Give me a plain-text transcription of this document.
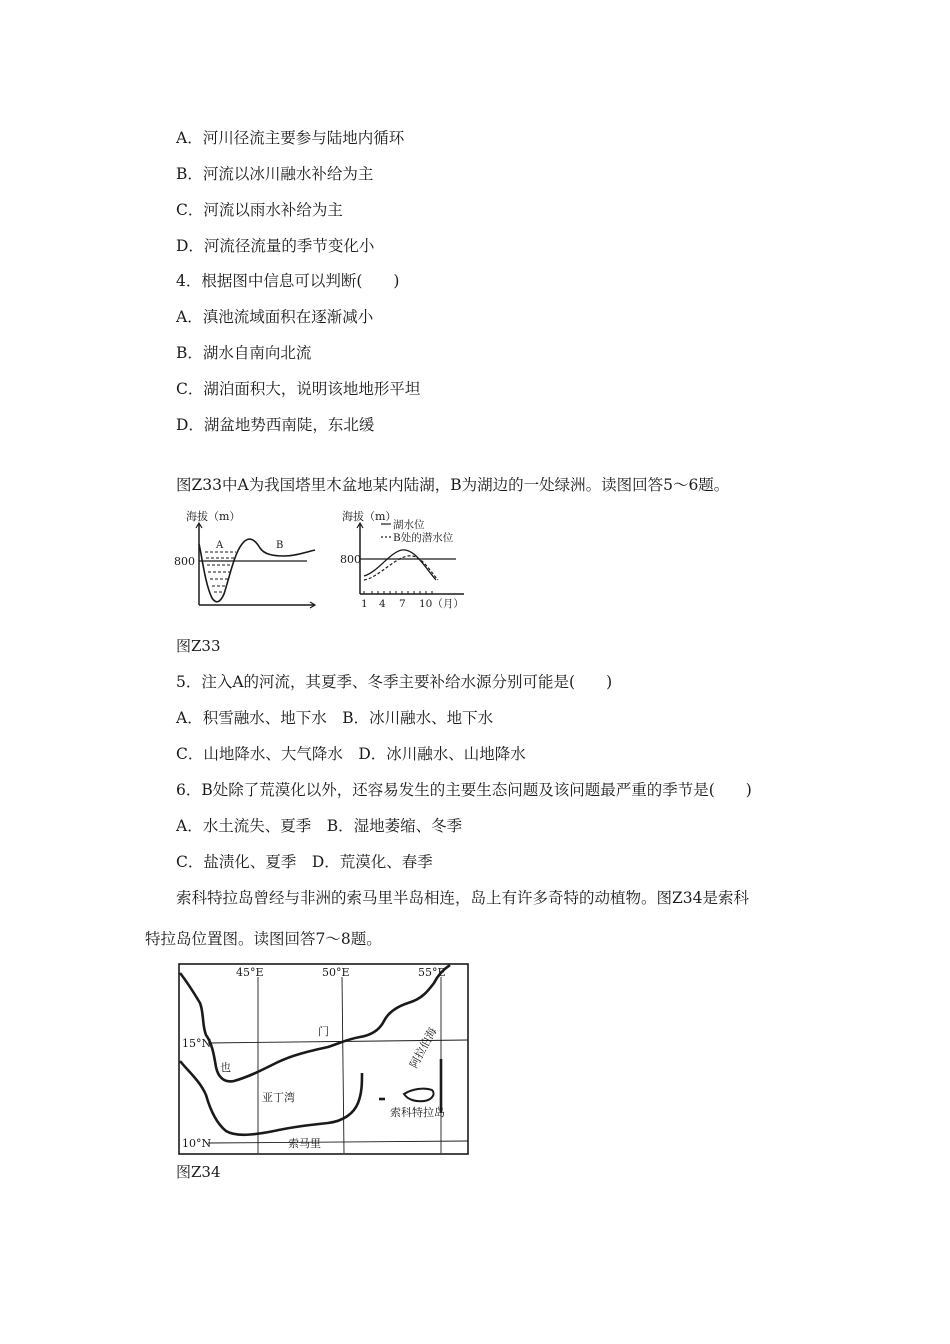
A．河川径流主要参与陆地内循环
B．河流以冰川融水补给为主
C．河流以雨水补给为主
D．河流径流量的季节变化小
4．根据图中信息可以判断(　　)
A．滇池流域面积在逐渐减小
B．湖水自南向北流
C．湖泊面积大，说明该地地形平坦
D．湖盆地势西南陡，东北缓
图Z33中A为我国塔里木盆地某内陆湖，B为湖边的一处绿洲。读图回答5～6题。
海拔（m）
800
A	B
海拔（m）
800
湖水位
B处的潜水位
1 4 7 10（月）
图Z33
5．注入A的河流，其夏季、冬季主要补给水源分别可能是(　　)
A．积雪融水、地下水　B．冰川融水、地下水
C．山地降水、大气降水　D．冰川融水、山地降水
6．B处除了荒漠化以外，还容易发生的主要生态问题及该问题最严重的季节是(　　)
A．水土流失、夏季　B．湿地萎缩、冬季
C．盐渍化、夏季　D．荒漠化、春季
索科特拉岛曾经与非洲的索马里半岛相连，岛上有许多奇特的动植物。图Z34是索科
特拉岛位置图。读图回答7～8题。
45°E	50°E	55°E
15°N
10°N
门
也	阿拉伯海
亚丁湾
索科特拉岛
索马里
图Z34
